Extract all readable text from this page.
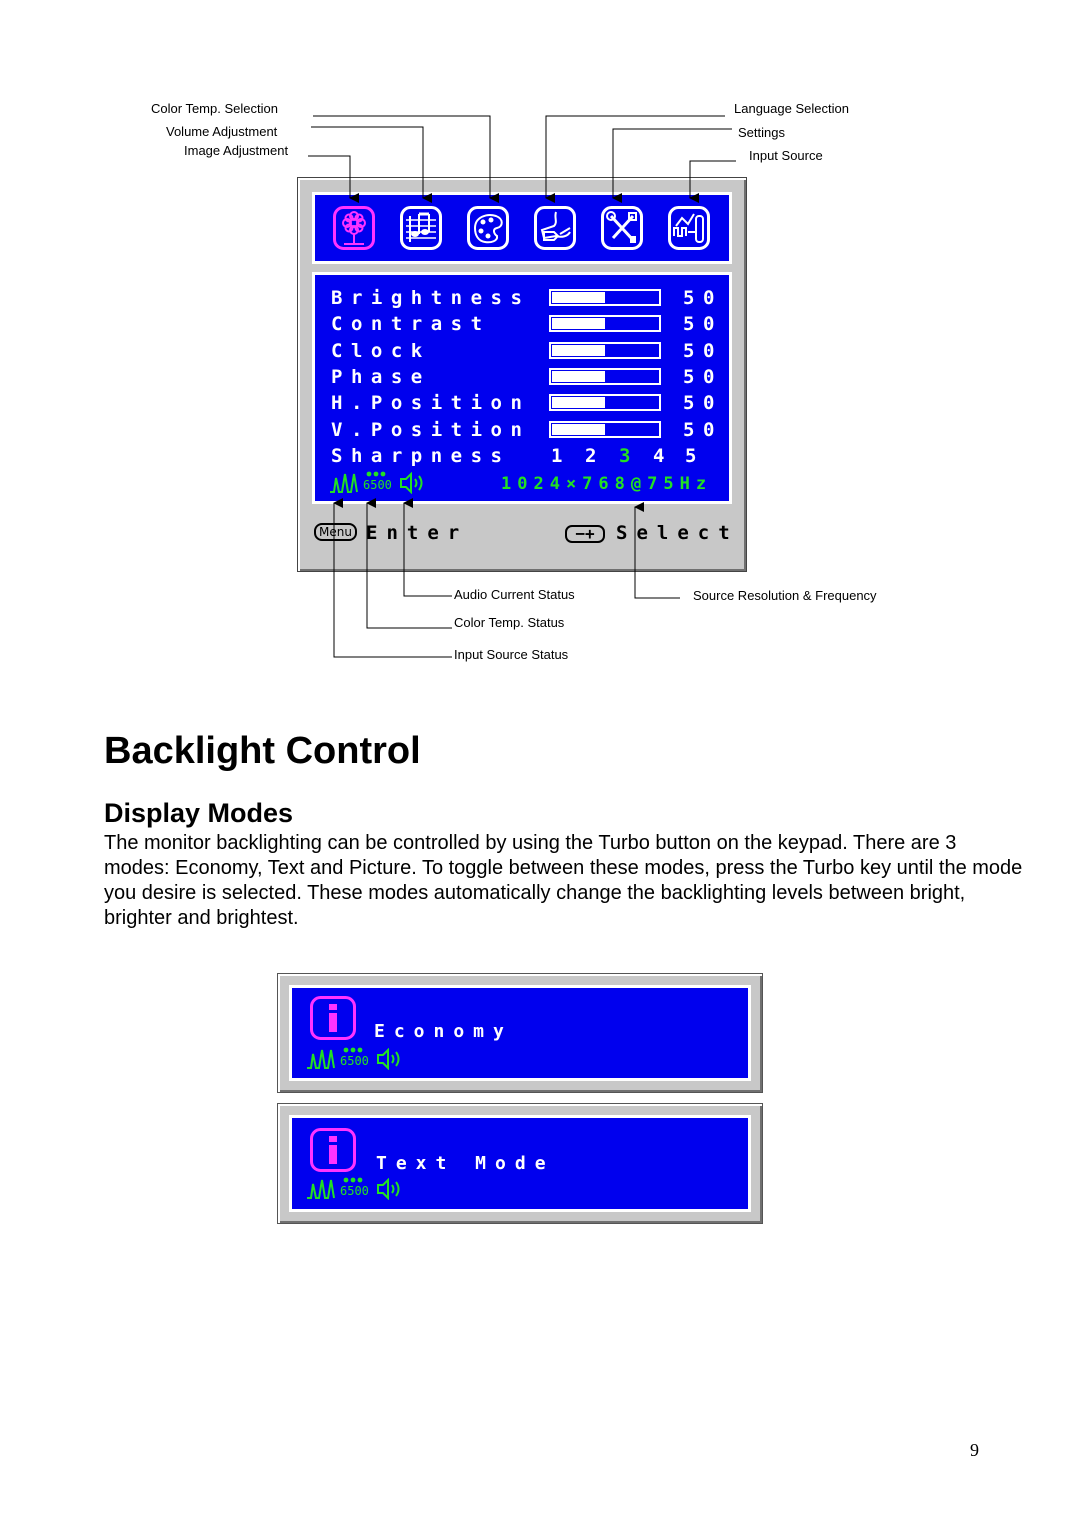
Color Temp. Selection
Volume Adjustment
Image Adjustment
Language Selection
Settings
Input Source
Audio Current Status
Color Temp. Status
Input Source Status
Source Resolution & Frequency
Brightness	50
Contrast	50
Clock	50
Phase	50
H.Position	50
V.Position	50
Sharpness 1 2 3 4 5
6500	1024×768@75Hz
Menu Enter	−+	Select
Backlight Control
Display Modes

The monitor backlighting can be controlled by using the Turbo button on the keypad. There are 3 modes: Economy, Text and Picture. To toggle between these modes, press the Turbo key until the mode you desire is selected. These modes automatically change the backlighting levels between bright, brighter and brightest.

Economy
6500
Text Mode
6500
9
